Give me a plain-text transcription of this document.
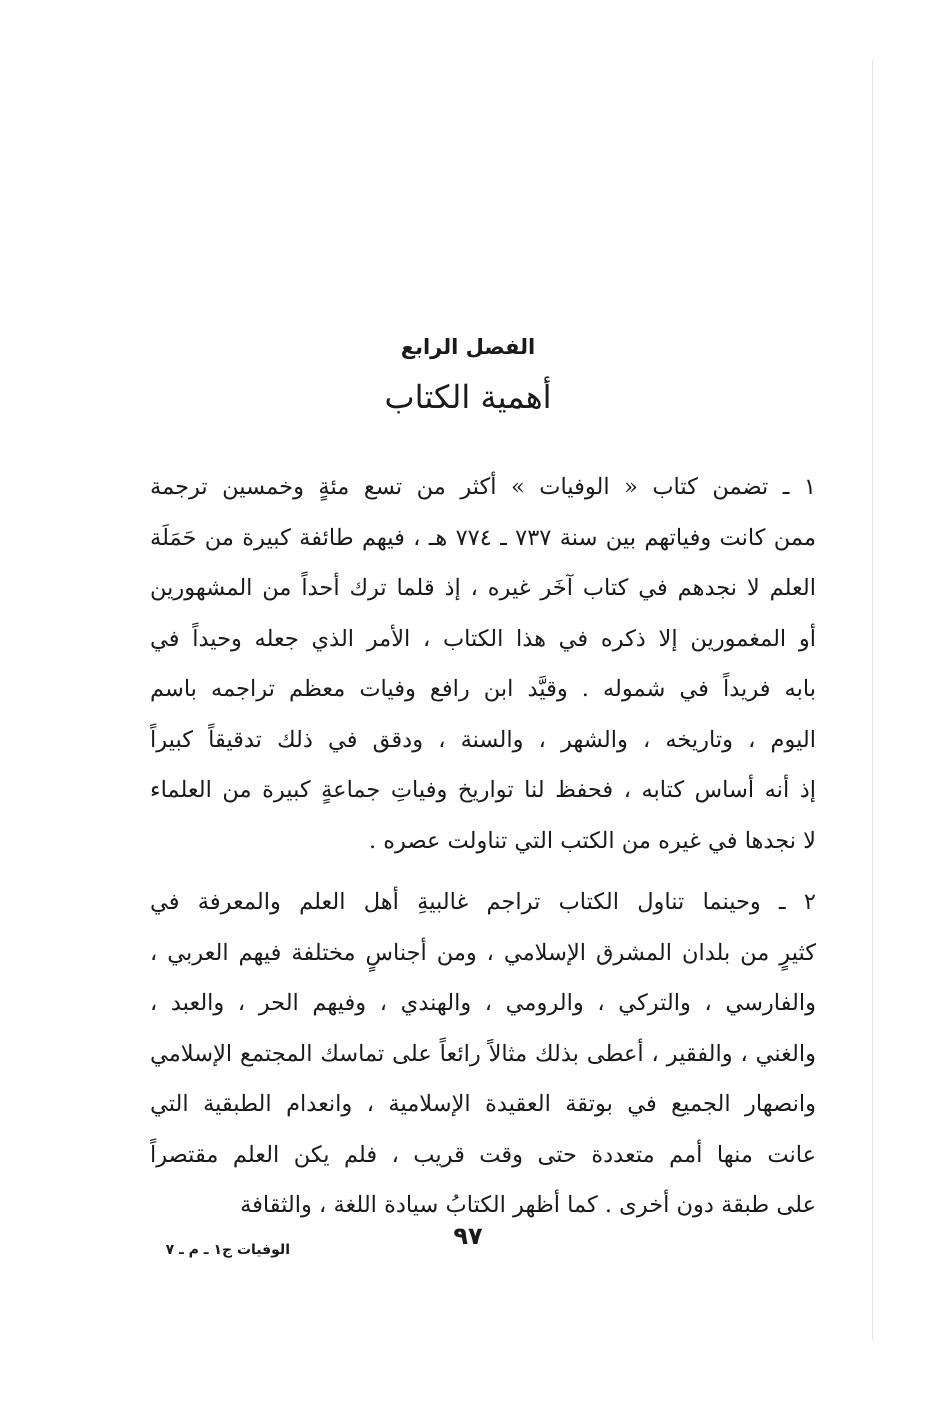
الفصل الرابع
أهمية الكتاب
١ ـ تضمن كتاب « الوفيات » أكثر من تسع مئةٍ وخمسين ترجمة
ممن كانت وفياتهم بين سنة ٧٣٧ ـ ٧٧٤ هـ ، فيهم طائفة كبيرة من حَمَلَة
العلم لا نجدهم في كتاب آخَر غيره ، إذ قلما ترك أحداً من المشهورين
أو المغمورين إلا ذكره في هذا الكتاب ، الأمر الذي جعله وحيداً في
بابه فريداً في شموله . وقيَّد ابن رافع وفيات معظم تراجمه باسم
اليوم ، وتاريخه ، والشهر ، والسنة ، ودقق في ذلك تدقيقاً كبيراً
إذ أنه أساس كتابه ، فحفظ لنا تواريخ وفياتِ جماعةٍ كبيرة من العلماء
لا نجدها في غيره من الكتب التي تناولت عصره .
٢ ـ وحينما تناول الكتاب تراجم غالبيةِ أهل العلم والمعرفة في
كثيرٍ من بلدان المشرق الإسلامي ، ومن أجناسٍ مختلفة فيهم العربي ،
والفارسي ، والتركي ، والرومي ، والهندي ، وفيهم الحر ، والعبد ،
والغني ، والفقير ، أعطى بذلك مثالاً رائعاً على تماسك المجتمع الإسلامي
وانصهار الجميع في بوتقة العقيدة الإسلامية ، وانعدام الطبقية التي
عانت منها أمم متعددة حتى وقت قريب ، فلم يكن العلم مقتصراً
على طبقة دون أخرى . كما أظهر الكتابُ سيادة اللغة ، والثقافة
٩٧
الوفيات ج١ ـ م ـ ٧
